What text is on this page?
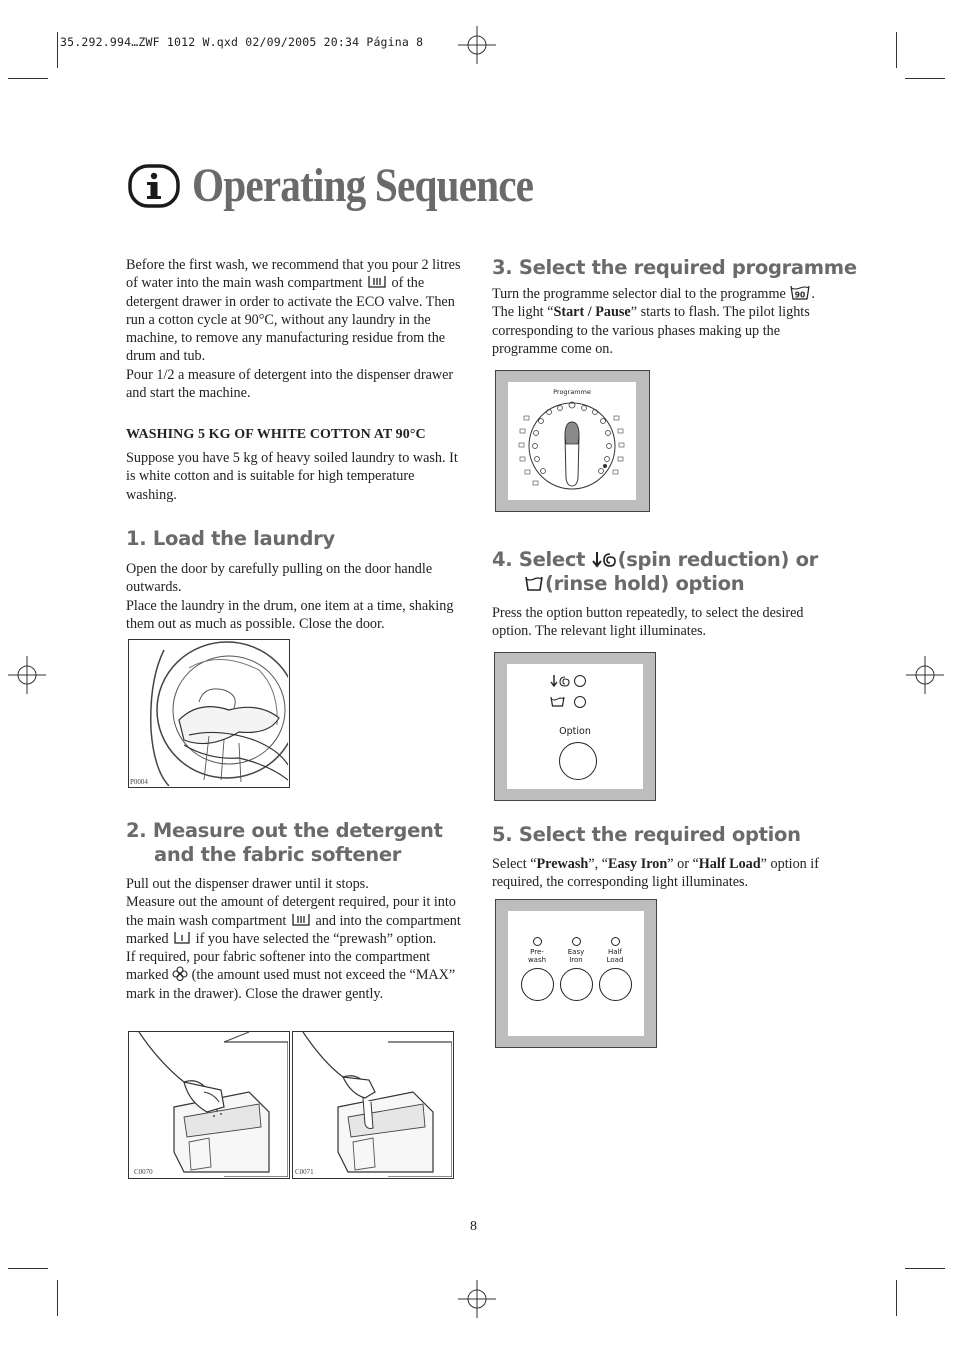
35.292.994…ZWF 1012 W.qxd 02/09/2005 20:34 Página 8
Operating Sequence

Before the first wash, we recommend that you pour 2 litres of water into the main wash compartment of the detergent drawer in order to activate the ECO valve. Then run a cotton cycle at 90°C, without any laundry in the machine, to remove any manufacturing residue from the drum and tub.

Pour 1/2 a measure of detergent into the dispenser drawer and start the machine.

WASHING 5 KG OF WHITE COTTON AT 90°C
Suppose you have 5 kg of heavy soiled laundry to wash. It is white cotton and is suitable for high temperature washing.
1. Load the laundry

Open the door by carefully pulling on the door handle outwards.

Place the laundry in the drum, one item at a time, shaking them out as much as possible. Close the door.

P0004
2. Measure out the detergent
and the fabric softener

Pull out the dispenser drawer until it stops.

Measure out the amount of detergent required, pour it into the main wash compartment and into the compartment marked if you have selected the “prewash” option.

If required, pour fabric softener into the compartment marked (the amount used must not exceed the “MAX” mark in the drawer). Close the drawer gently.

C0070	C0071
3. Select the required programme

Turn the programme selector dial to the programme 90 . The light “Start / Pause” starts to flash. The pilot lights corresponding to the various phases making up the programme come on.

Programme
4. Select (spin reduction) or
(rinse hold) option
Press the option button repeatedly, to select the desired option. The relevant light illuminates.
Option
5. Select the required option

Select “Prewash”, “Easy Iron” or “Half Load” option if required, the corresponding light illuminates.

Pre-
wash
Easy
Iron
Half
Load
8
